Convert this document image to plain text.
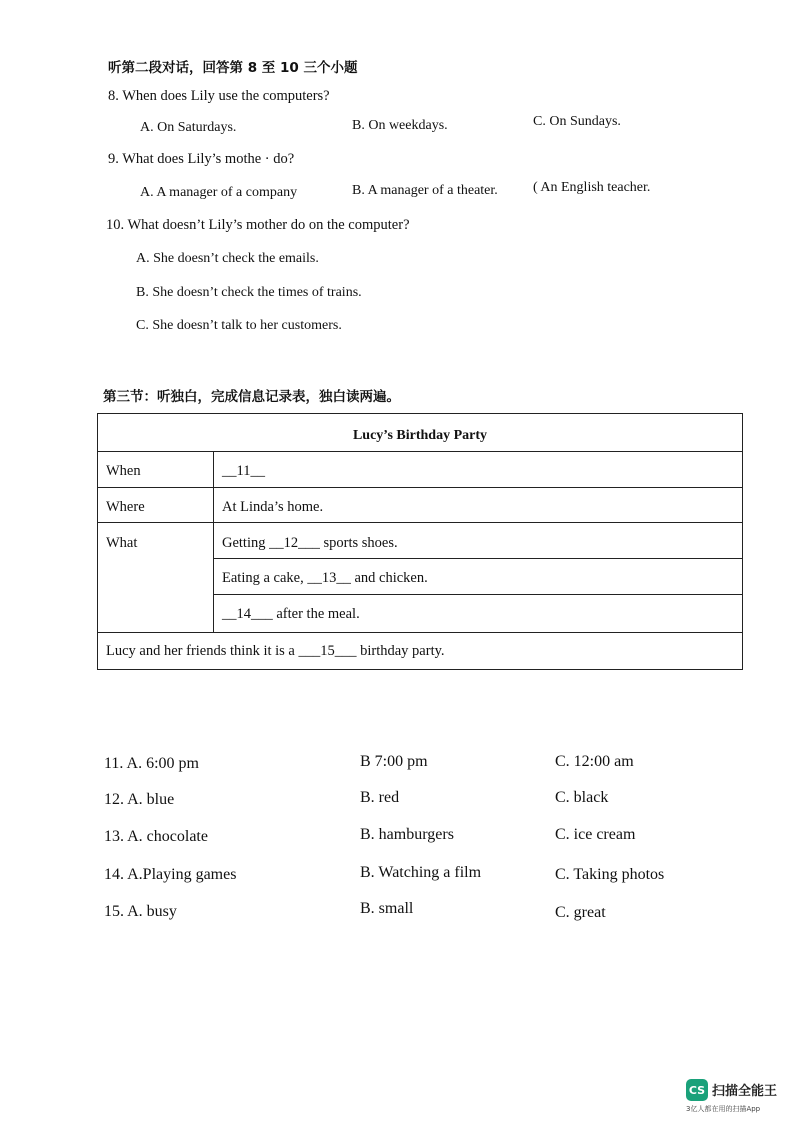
听第二段对话，回答第 8 至 10 三个小题
8. When does Lily use the computers?
A. On Saturdays.	B. On weekdays.	C. On Sundays.
9. What does Lily’s mothe · do?
A. A manager of a company	B. A manager of a theater.	( An English teacher.
10. What doesn’t Lily’s mother do on the computer?
A. She doesn’t check the emails.
B. She doesn’t check the times of trains.
C. She doesn’t talk to her customers.
第三节：听独白，完成信息记录表，独白读两遍。
Lucy’s Birthday Party
When	__11__
Where	At Linda’s home.
What	Getting __12___ sports shoes.
Eating a cake, __13__ and chicken.
__14___ after the meal.
Lucy and her friends think it is a ___15___ birthday party.
11. A. 6:00 pm	B 7:00 pm	C. 12:00 am
12. A. blue	B. red	C. black
13. A. chocolate	B. hamburgers	C. ice cream
14. A.Playing games	B. Watching a film	C. Taking photos
15. A. busy	B. small	C. great
CS 扫描全能王
3亿人都在用的扫描App
